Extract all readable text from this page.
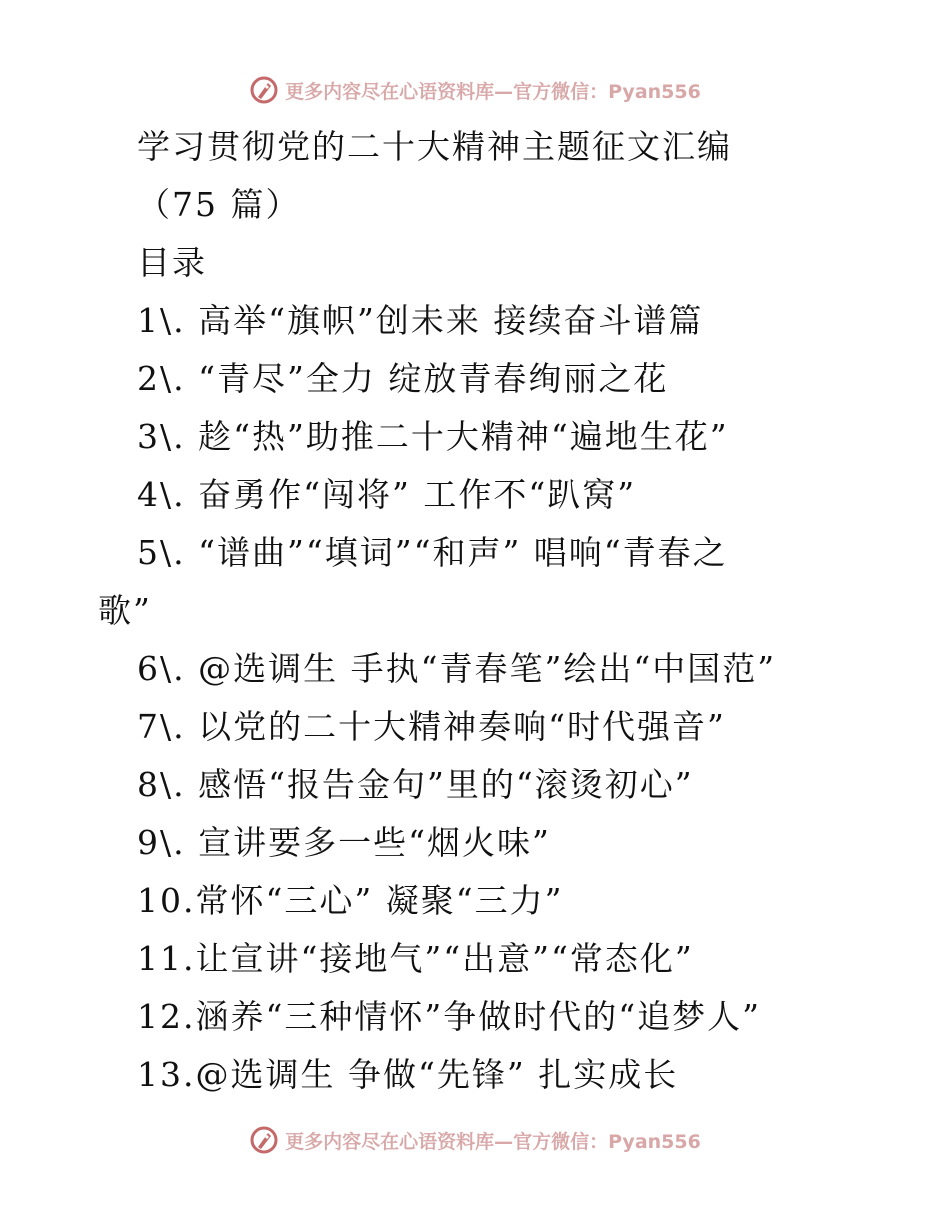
更多内容尽在心语资料库—官方微信：Pyan556
学习贯彻党的二十大精神主题征文汇编
（75 篇）
目录
1\. 高举“旗帜”创未来 接续奋斗谱篇
2\. “青尽”全力 绽放青春绚丽之花
3\. 趁“热”助推二十大精神“遍地生花”
4\. 奋勇作“闯将” 工作不“趴窝”
5\. “谱曲”“填词”“和声” 唱响“青春之
歌”
6\. @选调生 手执“青春笔”绘出“中国范”
7\. 以党的二十大精神奏响“时代强音”
8\. 感悟“报告金句”里的“滚烫初心”
9\. 宣讲要多一些“烟火味”
10.常怀“三心” 凝聚“三力”
11.让宣讲“接地气”“出意”“常态化”
12.涵养“三种情怀”争做时代的“追梦人”
13.@选调生 争做“先锋” 扎实成长
更多内容尽在心语资料库—官方微信：Pyan556
